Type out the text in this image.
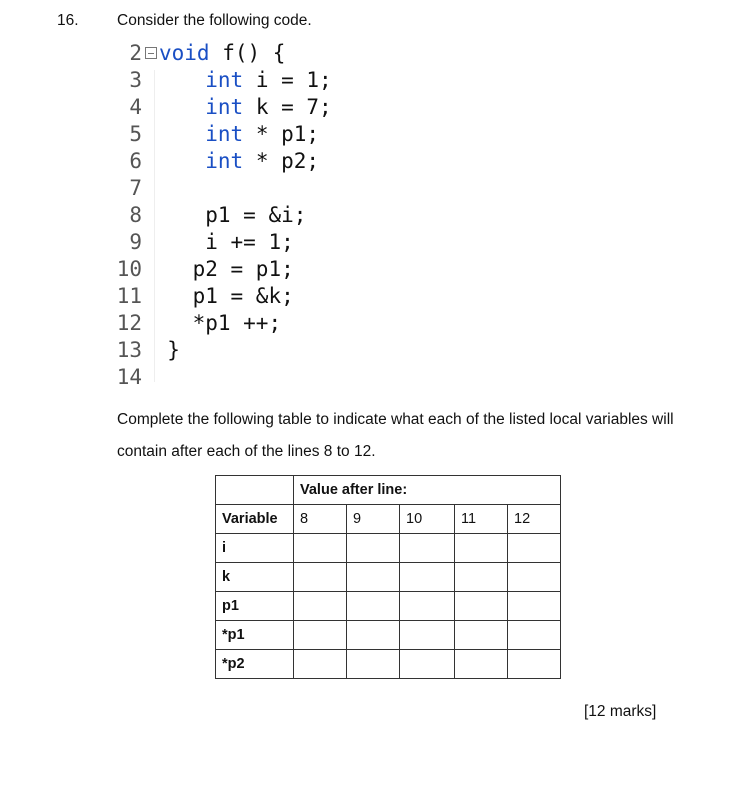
16. Consider the following code.
2 void f() {
3     int i = 1;
4     int k = 7;
5     int * p1;
6     int * p2;
7
8     p1 = &i;
9     i += 1;
10    p2 = p1;
11    p1 = &k;
12    *p1 ++;
13  }
14
Complete the following table to indicate what each of the listed local variables will contain after each of the lines 8 to 12.
	Value after line:				
Variable	8	9	10	11	12
i					
k					
p1					
*p1					
*p2					
[12 marks]
